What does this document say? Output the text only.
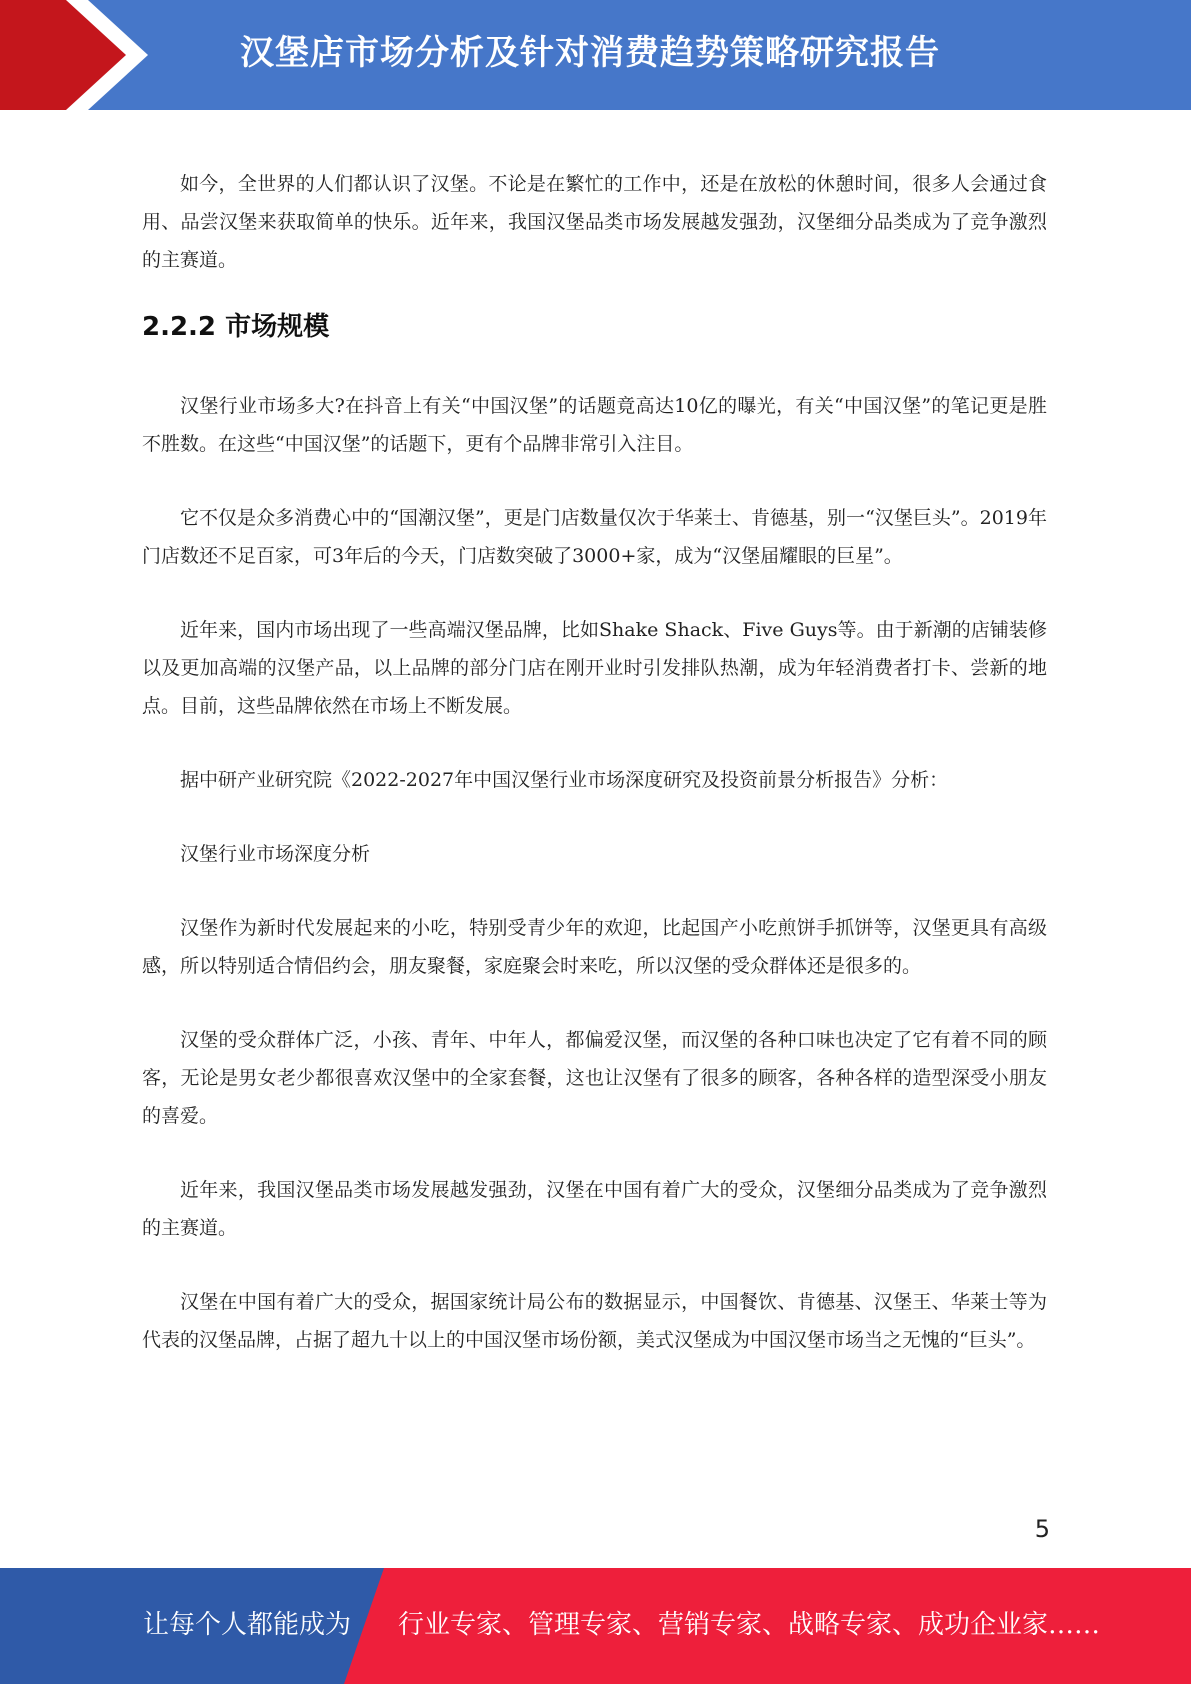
汉堡店市场分析及针对消费趋势策略研究报告

如今，全世界的人们都认识了汉堡。不论是在繁忙的工作中，还是在放松的休憩时间，很多人会通过食用、品尝汉堡来获取简单的快乐。近年来，我国汉堡品类市场发展越发强劲，汉堡细分品类成为了竞争激烈的主赛道。

2.2.2 市场规模

汉堡行业市场多大?在抖音上有关“中国汉堡”的话题竟高达10亿的曝光，有关“中国汉堡”的笔记更是胜不胜数。在这些“中国汉堡”的话题下，更有个品牌非常引入注目。

它不仅是众多消费心中的“国潮汉堡”，更是门店数量仅次于华莱士、肯德基，别一“汉堡巨头”。2019年门店数还不足百家，可3年后的今天，门店数突破了3000+家，成为“汉堡届耀眼的巨星”。

近年来，国内市场出现了一些高端汉堡品牌，比如Shake Shack、Five Guys等。由于新潮的店铺装修以及更加高端的汉堡产品，以上品牌的部分门店在刚开业时引发排队热潮，成为年轻消费者打卡、尝新的地点。目前，这些品牌依然在市场上不断发展。

据中研产业研究院《2022-2027年中国汉堡行业市场深度研究及投资前景分析报告》分析：

汉堡行业市场深度分析

汉堡作为新时代发展起来的小吃，特别受青少年的欢迎，比起国产小吃煎饼手抓饼等，汉堡更具有高级感，所以特别适合情侣约会，朋友聚餐，家庭聚会时来吃，所以汉堡的受众群体还是很多的。

汉堡的受众群体广泛，小孩、青年、中年人，都偏爱汉堡，而汉堡的各种口味也决定了它有着不同的顾客，无论是男女老少都很喜欢汉堡中的全家套餐，这也让汉堡有了很多的顾客，各种各样的造型深受小朋友的喜爱。

近年来，我国汉堡品类市场发展越发强劲，汉堡在中国有着广大的受众，汉堡细分品类成为了竞争激烈的主赛道。

汉堡在中国有着广大的受众，据国家统计局公布的数据显示，中国餐饮、肯德基、汉堡王、华莱士等为代表的汉堡品牌，占据了超九十以上的中国汉堡市场份额，美式汉堡成为中国汉堡市场当之无愧的“巨头”。

5
让每个人都能成为 行业专家、管理专家、营销专家、战略专家、成功企业家……
